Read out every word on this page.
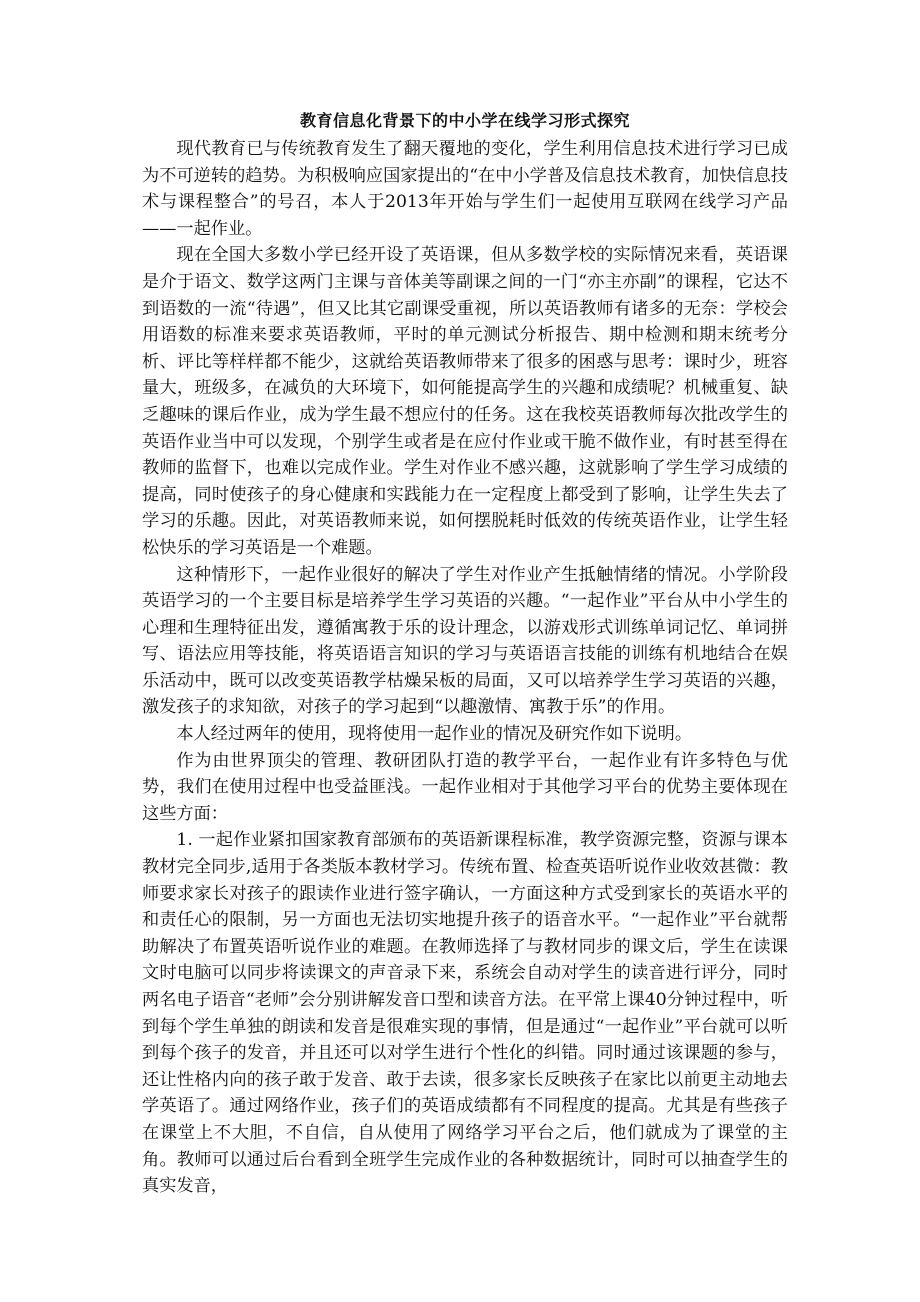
教育信息化背景下的中小学在线学习形式探究

现代教育已与传统教育发生了翻天覆地的变化，学生利用信息技术进行学习已成为不可逆转的趋势。为积极响应国家提出的“在中小学普及信息技术教育，加快信息技术与课程整合”的号召，本人于2013年开始与学生们一起使用互联网在线学习产品——一起作业。

现在全国大多数小学已经开设了英语课，但从多数学校的实际情况来看，英语课是介于语文、数学这两门主课与音体美等副课之间的一门“亦主亦副”的课程，它达不到语数的一流“待遇”，但又比其它副课受重视，所以英语教师有诸多的无奈：学校会用语数的标准来要求英语教师，平时的单元测试分析报告、期中检测和期末统考分析、评比等样样都不能少，这就给英语教师带来了很多的困惑与思考：课时少，班容量大，班级多，在减负的大环境下，如何能提高学生的兴趣和成绩呢？机械重复、缺乏趣味的课后作业，成为学生最不想应付的任务。这在我校英语教师每次批改学生的英语作业当中可以发现，个别学生或者是在应付作业或干脆不做作业，有时甚至得在教师的监督下，也难以完成作业。学生对作业不感兴趣，这就影响了学生学习成绩的提高，同时使孩子的身心健康和实践能力在一定程度上都受到了影响，让学生失去了学习的乐趣。因此，对英语教师来说，如何摆脱耗时低效的传统英语作业，让学生轻松快乐的学习英语是一个难题。

这种情形下，一起作业很好的解决了学生对作业产生抵触情绪的情况。小学阶段英语学习的一个主要目标是培养学生学习英语的兴趣。“一起作业”平台从中小学生的心理和生理特征出发，遵循寓教于乐的设计理念，以游戏形式训练单词记忆、单词拼写、语法应用等技能，将英语语言知识的学习与英语语言技能的训练有机地结合在娱乐活动中，既可以改变英语教学枯燥呆板的局面，又可以培养学生学习英语的兴趣，激发孩子的求知欲，对孩子的学习起到“以趣激情、寓教于乐”的作用。

本人经过两年的使用，现将使用一起作业的情况及研究作如下说明。

作为由世界顶尖的管理、教研团队打造的教学平台，一起作业有许多特色与优势，我们在使用过程中也受益匪浅。一起作业相对于其他学习平台的优势主要体现在这些方面：

1. 一起作业紧扣国家教育部颁布的英语新课程标准，教学资源完整，资源与课本教材完全同步,适用于各类版本教材学习。传统布置、检查英语听说作业收效甚微：教师要求家长对孩子的跟读作业进行签字确认，一方面这种方式受到家长的英语水平的和责任心的限制，另一方面也无法切实地提升孩子的语音水平。“一起作业”平台就帮助解决了布置英语听说作业的难题。在教师选择了与教材同步的课文后，学生在读课文时电脑可以同步将读课文的声音录下来，系统会自动对学生的读音进行评分，同时两名电子语音“老师”会分别讲解发音口型和读音方法。在平常上课40分钟过程中，听到每个学生单独的朗读和发音是很难实现的事情，但是通过“一起作业”平台就可以听到每个孩子的发音，并且还可以对学生进行个性化的纠错。同时通过该课题的参与，还让性格内向的孩子敢于发音、敢于去读，很多家长反映孩子在家比以前更主动地去学英语了。通过网络作业，孩子们的英语成绩都有不同程度的提高。尤其是有些孩子在课堂上不大胆，不自信，自从使用了网络学习平台之后，他们就成为了课堂的主角。教师可以通过后台看到全班学生完成作业的各种数据统计，同时可以抽查学生的真实发音，
